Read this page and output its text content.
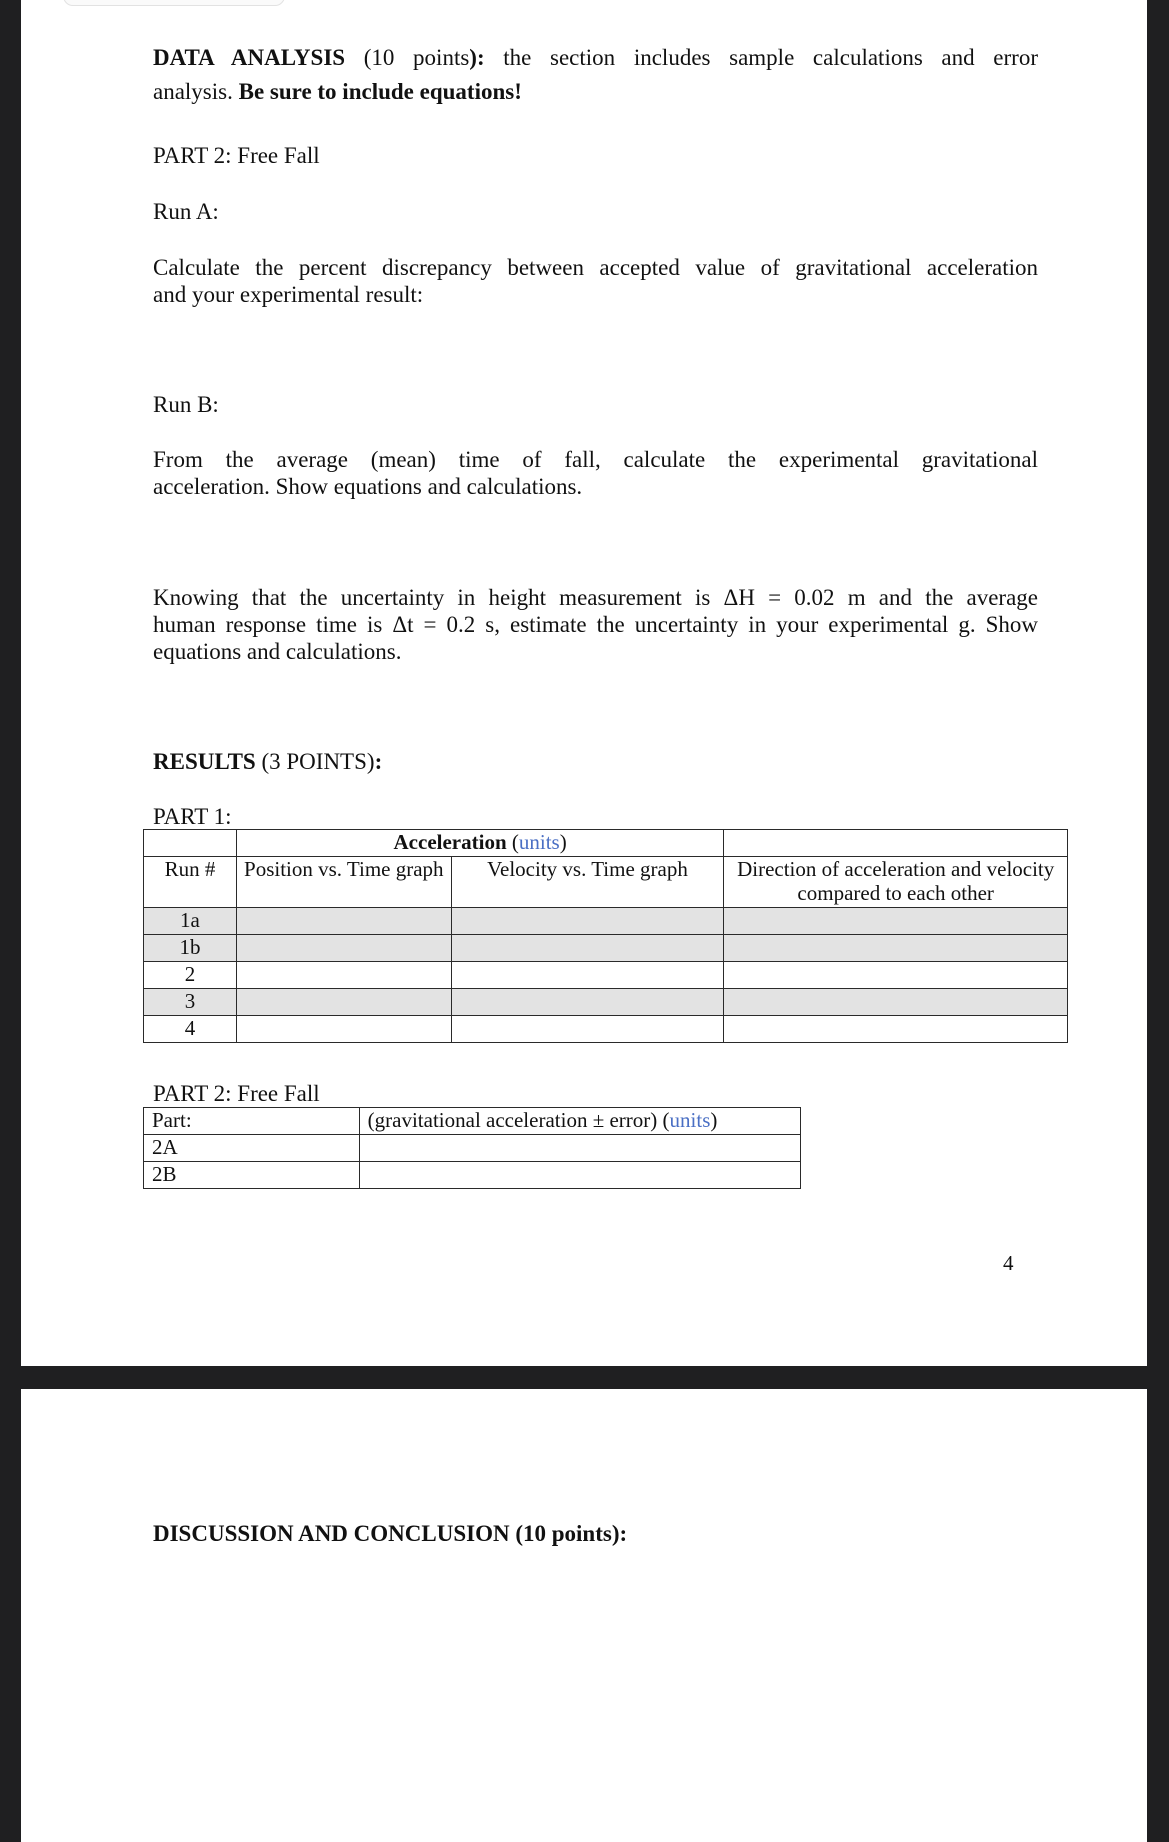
DATA ANALYSIS (10 points): the section includes sample calculations and error
analysis. Be sure to include equations!
PART 2: Free Fall
Run A:
Calculate the percent discrepancy between accepted value of gravitational acceleration
and your experimental result:
Run B:
From the average (mean) time of fall, calculate the experimental gravitational
acceleration. Show equations and calculations.
Knowing that the uncertainty in height measurement is ΔH = 0.02 m and the average
human response time is Δt = 0.2 s, estimate the uncertainty in your experimental g. Show
equations and calculations.
RESULTS (3 POINTS):
PART 1:
	Acceleration (units)		
Run #	Position vs. Time graph	Velocity vs. Time graph	Direction of acceleration and velocity compared to each other
1a			
1b			
2			
3			
4			
PART 2: Free Fall
Part:	(gravitational acceleration ± error) (units)
2A	
2B	
4
DISCUSSION AND CONCLUSION (10 points):
